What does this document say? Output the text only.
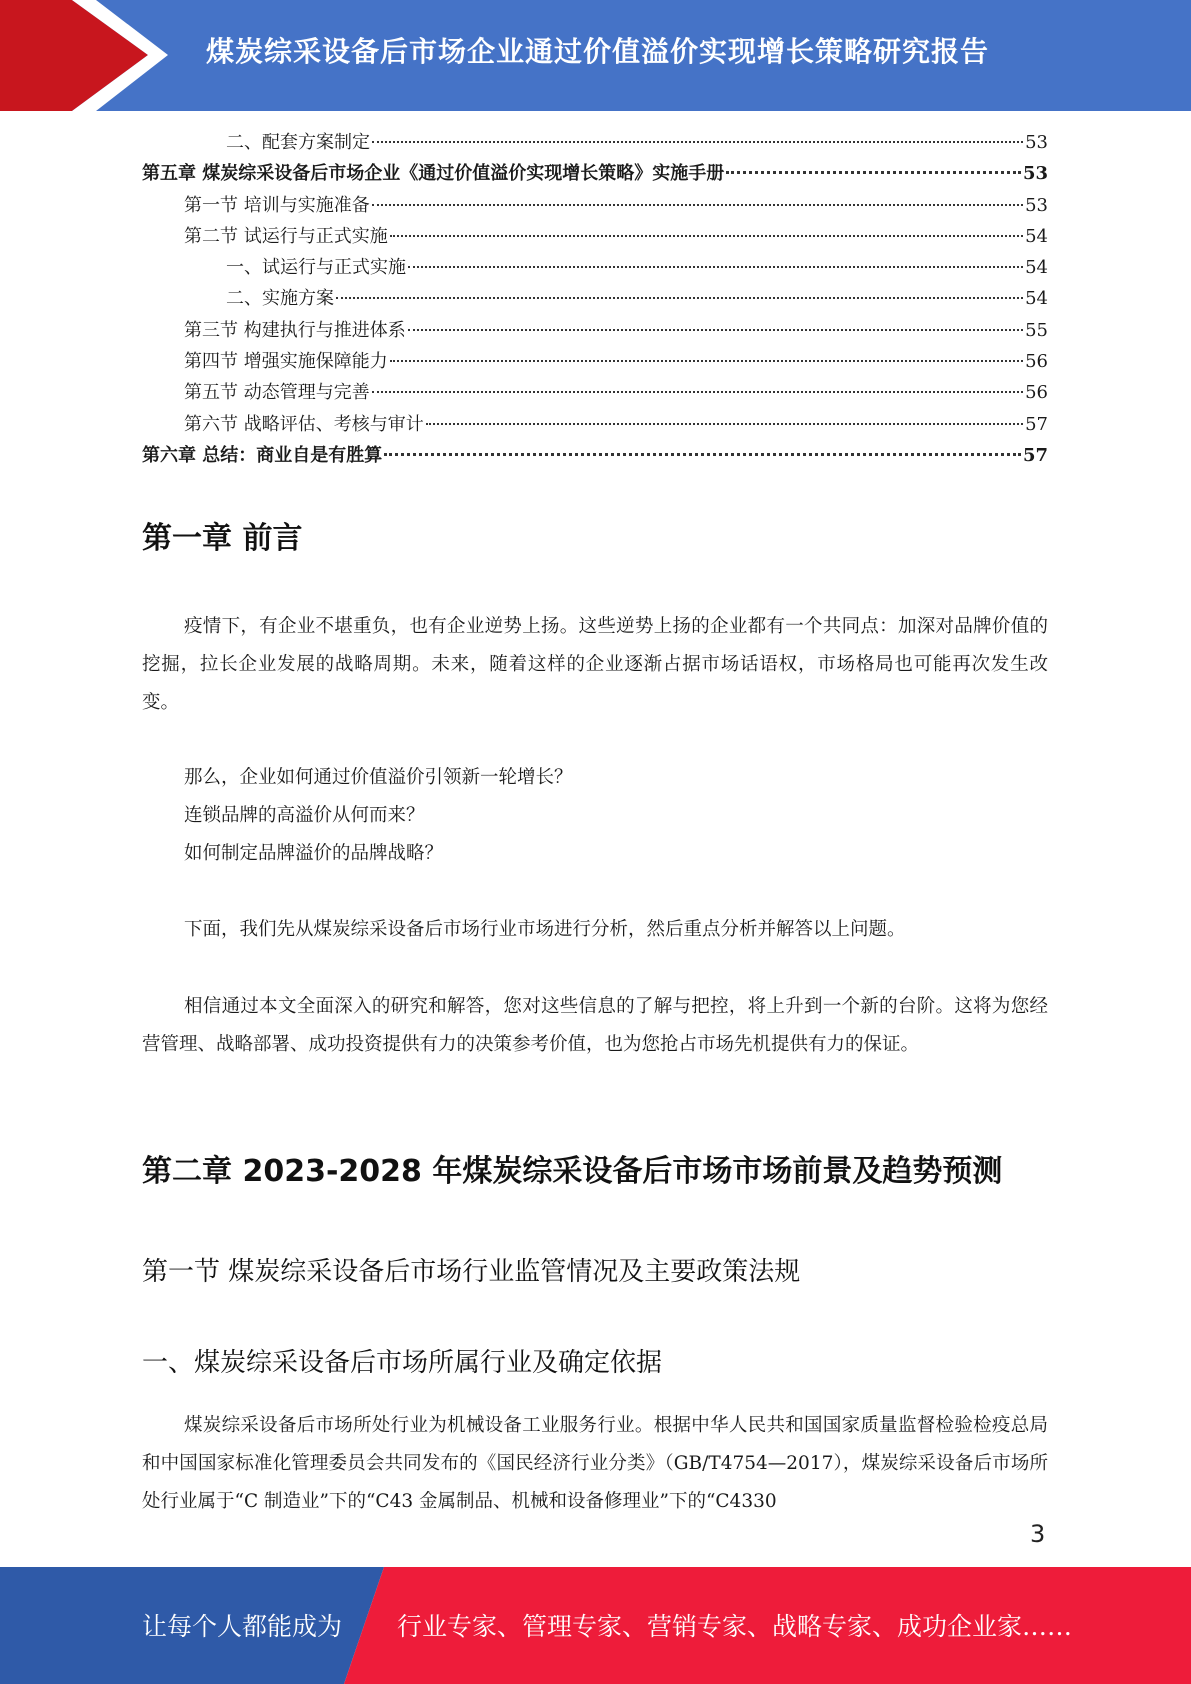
煤炭综采设备后市场企业通过价值溢价实现增长策略研究报告
二、配套方案制定	53
第五章 煤炭综采设备后市场企业《通过价值溢价实现增长策略》实施手册	53
第一节 培训与实施准备	53
第二节 试运行与正式实施	54
一、试运行与正式实施	54
二、实施方案	54
第三节 构建执行与推进体系	55
第四节 增强实施保障能力	56
第五节 动态管理与完善	56
第六节 战略评估、考核与审计	57
第六章 总结：商业自是有胜算	57
第一章 前言

疫情下，有企业不堪重负，也有企业逆势上扬。这些逆势上扬的企业都有一个共同点：加深对品牌价值的挖掘，拉长企业发展的战略周期。未来，随着这样的企业逐渐占据市场话语权，市场格局也可能再次发生改变。

那么，企业如何通过价值溢价引领新一轮增长？

连锁品牌的高溢价从何而来？

如何制定品牌溢价的品牌战略？

下面，我们先从煤炭综采设备后市场行业市场进行分析，然后重点分析并解答以上问题。

相信通过本文全面深入的研究和解答，您对这些信息的了解与把控，将上升到一个新的台阶。这将为您经营管理、战略部署、成功投资提供有力的决策参考价值，也为您抢占市场先机提供有力的保证。

第二章 2023-2028 年煤炭综采设备后市场市场前景及趋势预测
第一节 煤炭综采设备后市场行业监管情况及主要政策法规
一、煤炭综采设备后市场所属行业及确定依据

煤炭综采设备后市场所处行业为机械设备工业服务行业。根据中华人民共和国国家质量监督检验检疫总局和中国国家标准化管理委员会共同发布的《国民经济行业分类》（GB/T4754—2017），煤炭综采设备后市场所处行业属于“C 制造业”下的“C43 金属制品、机械和设备修理业”下的“C4330

3
让每个人都能成为 行业专家、管理专家、营销专家、战略专家、成功企业家……
